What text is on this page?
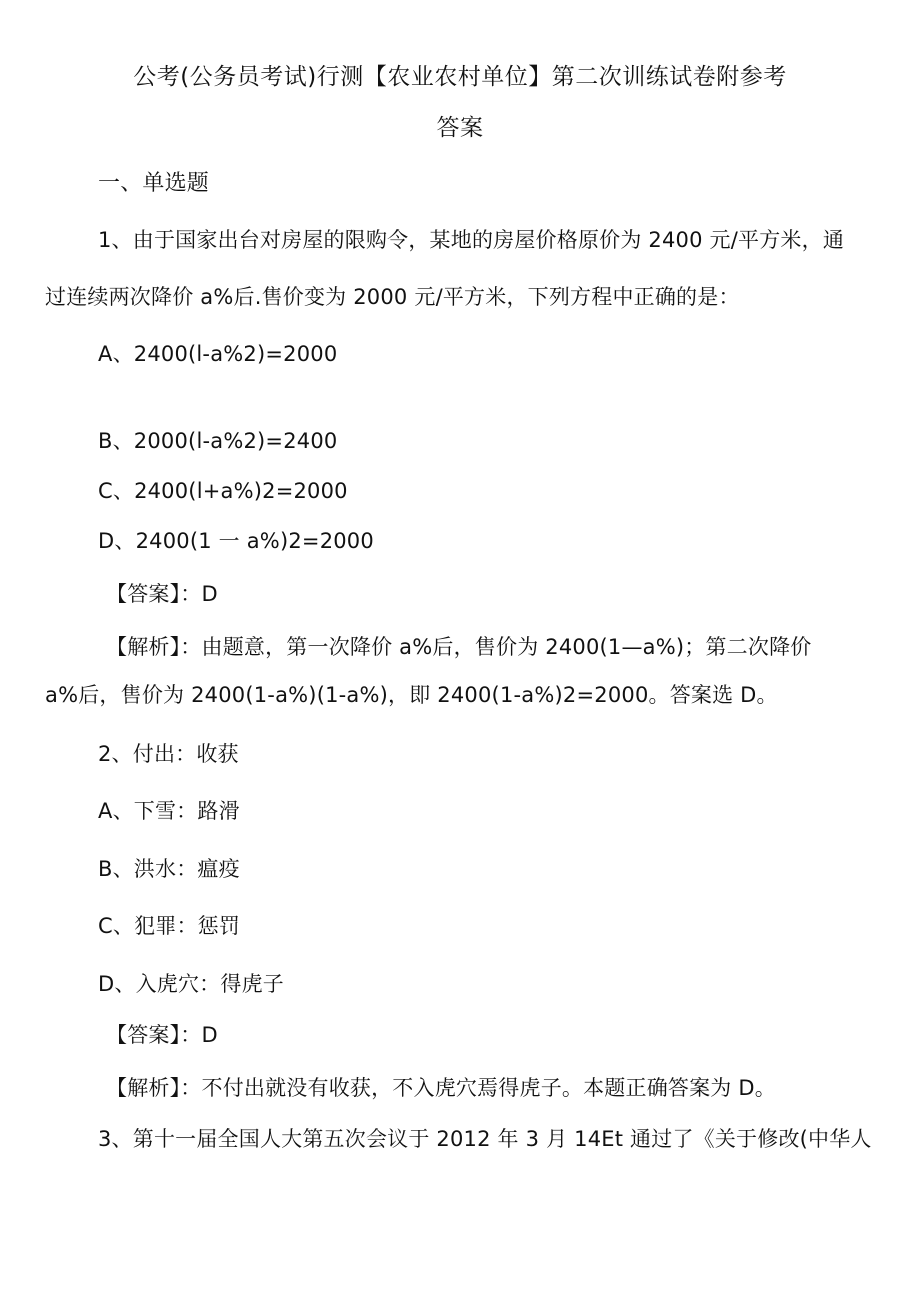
公考(公务员考试)行测【农业农村单位】第二次训练试卷附参考
答案
一、单选题
1、由于国家出台对房屋的限购令，某地的房屋价格原价为 2400 元/平方米，通
过连续两次降价 a%后.售价变为 2000 元/平方米，下列方程中正确的是：
A、2400(l-a%2)=2000
B、2000(l-a%2)=2400
C、2400(l+a%)2=2000
D、2400(1 一 a%)2=2000
【答案】：D
【解析】：由题意，第一次降价 a%后，售价为 2400(1—a%)；第二次降价
a%后，售价为 2400(1-a%)(1-a%)，即 2400(1-a%)2=2000。答案选 D。
2、付出：收获
A、下雪：路滑
B、洪水：瘟疫
C、犯罪：惩罚
D、入虎穴：得虎子
【答案】：D
【解析】：不付出就没有收获，不入虎穴焉得虎子。本题正确答案为 D。
3、第十一届全国人大第五次会议于 2012 年 3 月 14Et 通过了《关于修改(中华人
